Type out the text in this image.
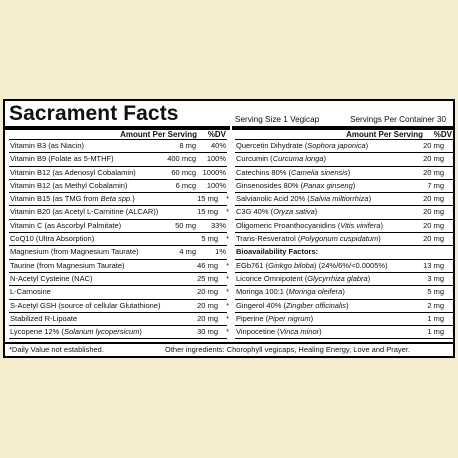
Sacrament Facts	Serving Size 1 Vegicap	Servings Per Container 30
Amount Per Serving %DV
Vitamin B3 (as Niacin)	8 mg 40%
Vitamin B9 (Folate as 5-MTHF)	400 mcg 100%
Vitamin B12 (as Adenosyl Cobalamin)	60 mcg 1000%
Vitamin B12 (as Methyl Cobalamin)	6 mcg 100%
Vitamin B15 (as TMG from Beta spp.)	15 mg *
Vitamin B20 (as Acetyl L-Carnitine (ALCAR))	15 mg *
Vitamin C (as Ascorbyl Palmitate)	50 mg 33%
CoQ10 (Ultra Absorption)	5 mg *
Magnesium (from Magnesium Taurate)	4 mg	1%
Taurine (from Magnesium Taurate)	46 mg *
N-Acetyl Cysteine (NAC)	25 mg *
L-Carnosine	20 mg *
S-Acetyl GSH (source of cellular Glutathione)	20 mg *
Stabilized R-Lipoate	20 mg *
Lycopene 12% (Solanum lycopersicum)	30 mg *
Amount Per Serving %DV
Quercetin Dihydrate (Sophora japonica)	20 mg *
Curcumin (Curcuma longa)	20 mg *
Catechins 80% (Camelia sinensis)	20 mg *
Ginsenosides 80% (Panax ginseng)	7 mg *
Salvianolic Acid 20% (Salvia miltiorrhiza)	20 mg *
C3G 40% (Oryza sativa)	20 mg *
Oligomeric Proanthocyanidins (Vitis vinifera)	20 mg *
Trans-Resveratrol (Polygonum cuspidatum)	20 mg *
Bioavailability Factors:
EGb761 (Ginkgo biloba) (24%/6%/<0.0005%)	13 mg *
Licorice Omnipotent (Glycyrrhiza glabra)	3 mg *
Moringa 100:1 (Moringa oleifera)	5 mg *
Gingerol 40% (Zingiber officinalis)	2 mg *
Piperine (Piper nigrum)	1 mg *
Vinpocetine (Vinca minor)	1 mg *
*Daily Value not established.	Other ingredients: Chorophyll vegicaps, Healing Energy, Love and Prayer.
